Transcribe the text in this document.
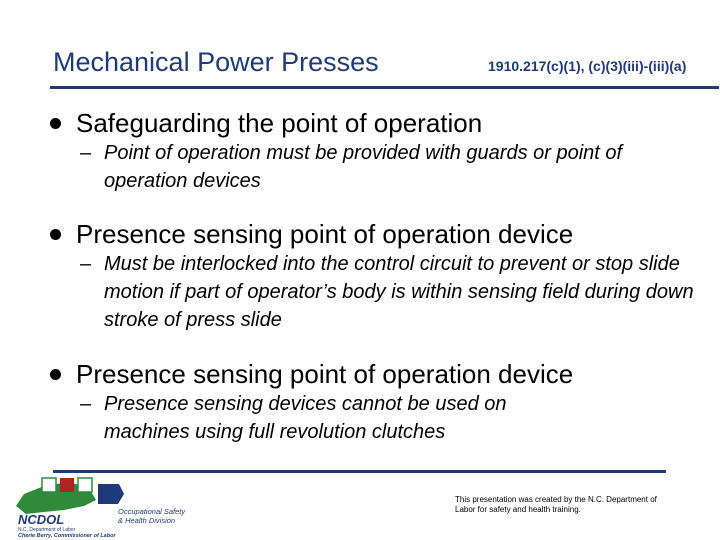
Mechanical Power Presses	1910.217(c)(1), (c)(3)(iii)-(iii)(a)
Safeguarding the point of operation
– Point of operation must be provided with guards or point of operation devices
Presence sensing point of operation device
– Must be interlocked into the control circuit to prevent or stop slide motion if part of operator’s body is within sensing field during down stroke of press slide
Presence sensing point of operation device
– Presence sensing devices cannot be used on machines using full revolution clutches
NCDOL
N.C. Department of Labor
Cherie Berry, Commissioner of Labor
Occupational Safety
& Health Division
This presentation was created by the N.C. Department of Labor for safety and health training.
